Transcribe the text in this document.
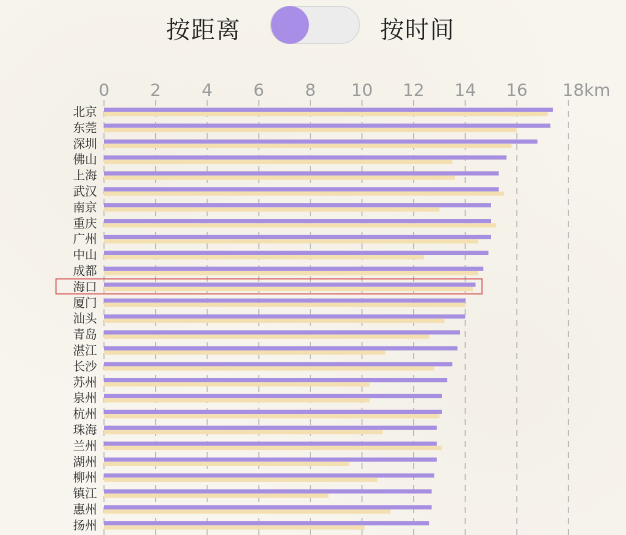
按距离	按时间
0 2 4 6 8 10 12 14 16 18km
北京
东莞
深圳
佛山
上海
武汉
南京
重庆
广州
中山
成都
海口
厦门
汕头
青岛
湛江
长沙
苏州
泉州
杭州
珠海
兰州
湖州
柳州
镇江
惠州
扬州
